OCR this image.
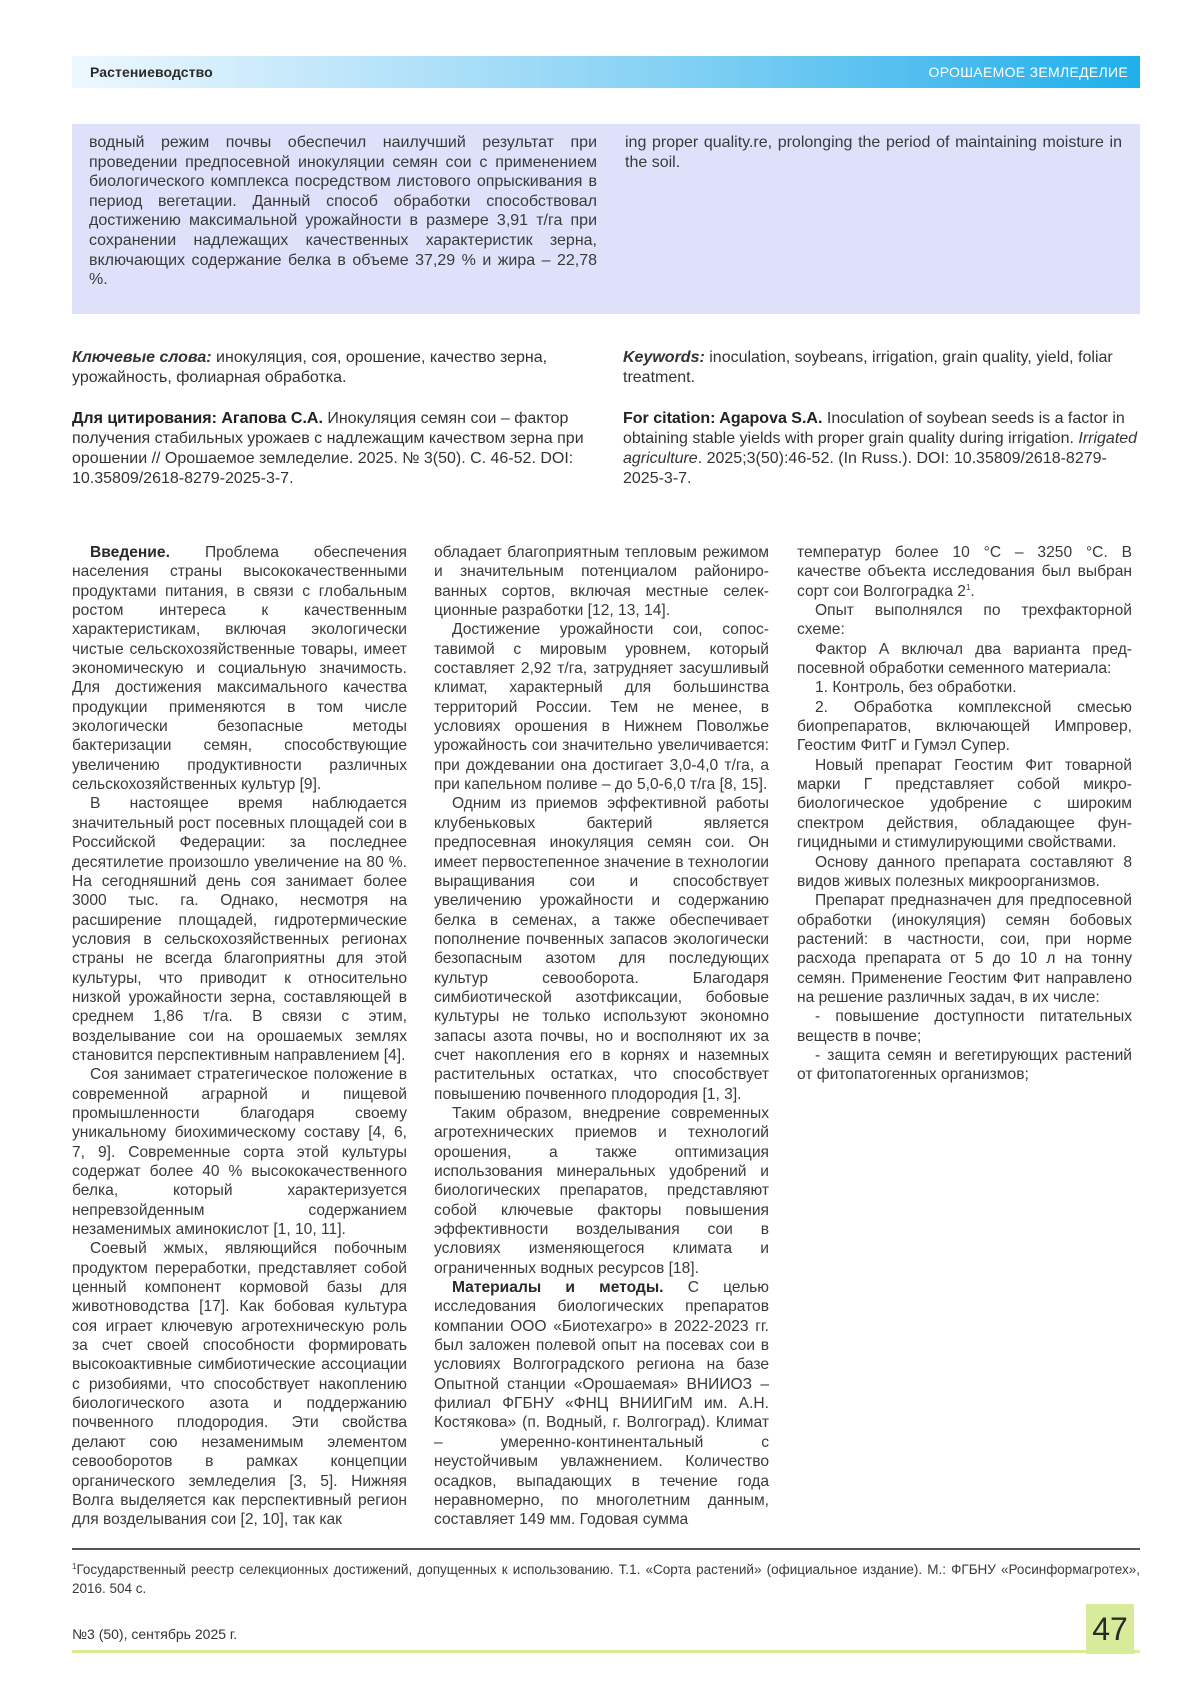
Растениеводство	ОРОШАЕМОЕ ЗЕМЛЕДЕЛИЕ
водный режим почвы обеспечил наилучший результат при проведении предпосевной инокуляции семян сои с применением биологического комплекса посредством листового опрыскивания в период вегетации. Данный способ обработки способствовал достижению максимальной урожайности в размере 3,91 т/га при сохранении надлежащих качественных характеристик зерна, включающих содержание белка в объеме 37,29 % и жира – 22,78 %.
ing proper quality.re, prolonging the period of maintaining moisture in the soil.
Ключевые слова: инокуляция, соя, орошение, качество зерна, урожайность, фолиарная обработка.
Keywords: inoculation, soybeans, irrigation, grain quality, yield, foliar treatment.
Для цитирования: Агапова С.А. Инокуляция семян сои – фактор получения стабильных урожаев с надлежащим качеством зерна при орошении // Орошаемое земледелие. 2025. № 3(50). С. 46-52. DOI: 10.35809/2618-8279-2025-3-7.
For citation: Agapova S.A. Inoculation of soybean seeds is a factor in obtaining stable yields with proper grain quality during irrigation. Irrigated agriculture. 2025;3(50):46-52. (In Russ.). DOI: 10.35809/2618-8279-2025-3-7.

Введение. Проблема обеспечения населения страны высококачественными продуктами питания, в связи с глобальным ростом интереса к качественным характеристикам, включая экологически чистые сельскохозяйственные товары, имеет экономическую и социальную значимость. Для достижения максимального качества продукции применяются в том числе экологически безопасные методы бактеризации семян, способствующие увеличению продуктивности различных сельскохозяйственных культур [9].

В настоящее время наблюдается значительный рост посевных площадей сои в Российской Федерации: за последнее десятилетие произошло увеличение на 80 %. На сегодняшний день соя занимает более 3000 тыс. га. Однако, несмотря на расширение площадей, гидротермические условия в сельскохозяйственных регионах страны не всегда благоприятны для этой культуры, что приводит к относительно низкой урожайности зерна, составляющей в среднем 1,86 т/га. В связи с этим, возделывание сои на орошаемых землях становится перспективным направлением [4].

Соя занимает стратегическое положение в современной аграрной и пищевой промышленности благодаря своему уникальному биохимическому составу [4, 6, 7, 9]. Современные сорта этой культуры содержат более 40 % высококачественного белка, который характеризуется непревзойденным содержанием незаменимых аминокислот [1, 10, 11].

Соевый жмых, являющийся побочным продуктом переработки, представляет собой ценный компонент кормовой базы для животноводства [17]. Как бобовая культура соя играет ключевую агротехническую роль за счет своей способности формировать высокоактивные симбиотические ассоциации с ризобиями, что способствует накоплению биологического азота и поддержанию почвенного плодородия. Эти свойства делают сою незаменимым элементом севооборотов в рамках концепции органического земледелия [3, 5]. Нижняя Волга выделяется как перспективный регион для возделывания сои [2, 10], так как

обладает благоприятным тепловым режимом и значительным потенциалом районированных сортов, включая местные селекционные разработки [12, 13, 14].

Достижение урожайности сои, сопоставимой с мировым уровнем, который составляет 2,92 т/га, затрудняет засушливый климат, характерный для большинства территорий России. Тем не менее, в условиях орошения в Нижнем Поволжье урожайность сои значительно увеличивается: при дождевании она достигает 3,0-4,0 т/га, а при капельном поливе – до 5,0-6,0 т/га [8, 15].

Одним из приемов эффективной работы клубеньковых бактерий является предпосевная инокуляция семян сои. Он имеет первостепенное значение в технологии выращивания сои и способствует увеличению урожайности и содержанию белка в семенах, а также обеспечивает пополнение почвенных запасов экологически безопасным азотом для последующих культур севооборота. Благодаря симбиотической азотфиксации, бобовые культуры не только используют экономно запасы азота почвы, но и восполняют их за счет накопления его в корнях и наземных растительных остатках, что способствует повышению почвенного плодородия [1, 3].

Таким образом, внедрение современных агротехнических приемов и технологий орошения, а также оптимизация использования минеральных удобрений и биологических препаратов, представляют собой ключевые факторы повышения эффективности возделывания сои в условиях изменяющегося климата и ограниченных водных ресурсов [18].

Материалы и методы. С целью исследования биологических препаратов компании ООО «Биотехагро» в 2022-2023 гг. был заложен полевой опыт на посевах сои в условиях Волгоградского региона на базе Опытной станции «Орошаемая» ВНИИОЗ – филиал ФГБНУ «ФНЦ ВНИИГиМ им. А.Н. Костякова» (п. Водный, г. Волгоград). Климат – умеренно-континентальный с неустойчивым увлажнением. Количество осадков, выпадающих в течение года неравномерно, по многолетним данным, составляет 149 мм. Годовая сумма

температур более 10 °С – 3250 °С. В качестве объекта исследования был выбран сорт сои Волгоградка $2^1$.

Опыт выполнялся по трехфакторной схеме:

Фактор А включал два варианта предпосевной обработки семенного материала:

1. Контроль, без обработки.

2. Обработка комплексной смесью биопрепаратов, включающей Импровер, Геостим ФитГ и Гумэл Супер.

Новый препарат Геостим Фит товарной марки Г представляет собой микробиологическое удобрение с широким спектром действия, обладающее фунгицидными и стимулирующими свойствами.

Основу данного препарата составляют 8 видов живых полезных микроорганизмов.

Препарат предназначен для предпосевной обработки (инокуляция) семян бобовых растений: в частности, сои, при норме расхода препарата от 5 до 10 л на тонну семян. Применение Геостим Фит направлено на решение различных задач, в их числе:

- повышение доступности питательных веществ в почве;

- защита семян и вегетирующих растений от фитопатогенных организмов;

$^1$Государственный реестр селекционных достижений, допущенных к использованию. Т.1. «Сорта растений» (официальное издание). М.: ФГБНУ «Росинформагротех», 2016. 504 с.
№3 (50), сентябрь 2025 г.	47
